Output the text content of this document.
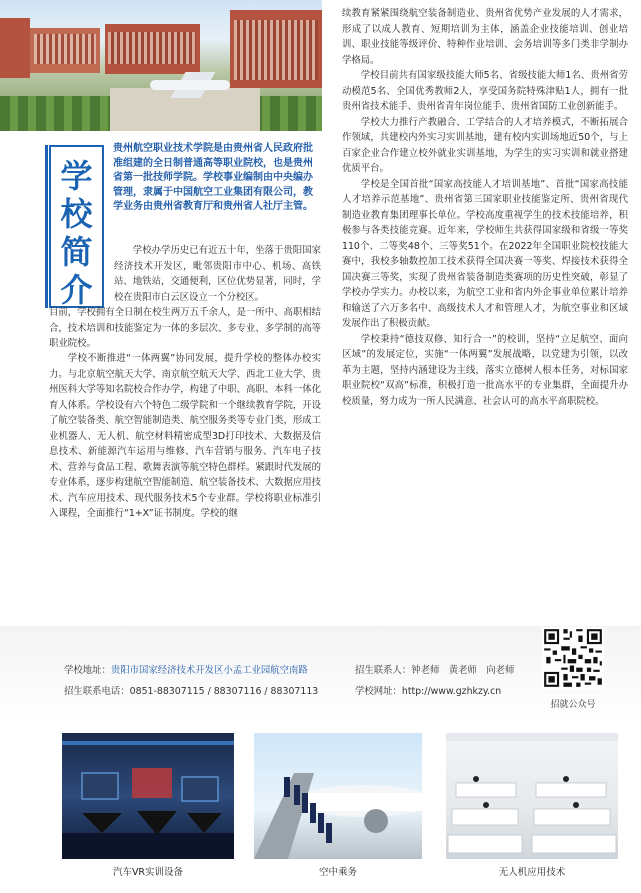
学
校
简
介
贵州航空职业技术学院是由贵州省人民政府批准组建的全日制普通高等职业院校，也是贵州省第一批技师学院。学校事业编制由中央编办管理，隶属于中国航空工业集团有限公司，教学业务由贵州省教育厅和贵州省人社厅主管。

学校办学历史已有近五十年，坐落于贵阳国家经济技术开发区，毗邻贵阳市中心、机场、高铁站、地铁站，交通便利，区位优势显著，同时，学校在贵阳市白云区设立一个分校区。

目前，学校拥有全日制在校生两万五千余人，是一所中、高职相结合，技术培训和技能鉴定为一体的多层次、多专业、多学制的高等职业院校。

学校不断推进“一体两翼”协同发展，提升学校的整体办校实力。与北京航空航天大学、南京航空航天大学、西北工业大学、贵州医科大学等知名院校合作办学，构建了中职、高职、本科一体化育人体系。学校设有六个特色二级学院和一个继续教育学院，开设了航空装备类、航空智能制造类、航空服务类等专业门类，形成工业机器人、无人机、航空材料精密成型3D打印技术、大数据及信息技术、新能源汽车运用与维修、汽车营销与服务、汽车电子技术、营养与食品工程、歌舞表演等航空特色群样。紧跟时代发展的专业体系，逐步构建航空智能制造、航空装备技术、大数据应用技术、汽车应用技术、现代服务技术5个专业群。学校将职业标准引入课程，全面推行“1+X”证书制度。学校的继

续教育紧紧围绕航空装备制造业、贵州省优势产业发展的人才需求，形成了以成人教育、短期培训为主体，涵盖企业技能培训、创业培训、职业技能等级评价、特种作业培训、会务培训等多门类非学制办学格局。

学校目前共有国家级技能大师5名、省级技能大师1名、贵州省劳动模范5名、全国优秀教师2人，享受国务院特殊津贴1人，拥有一批贵州省技术能手、贵州省青年岗位能手、贵州省国防工业创新能手。

学校大力推行产教融合、工学结合的人才培养模式，不断拓展合作领域，共建校内外实习实训基地，建有校内实训场地近50个，与上百家企业合作建立校外就业实训基地，为学生的实习实训和就业搭建优质平台。

学校是全国首批“国家高技能人才培训基地”、首批“国家高技能人才培养示范基地”、贵州省第三国家职业技能鉴定所、贵州省现代制造业教育集团理事长单位。学校高度重视学生的技术技能培养，积极参与各类技能竞赛。近年来，学校师生共获得国家级和省级一等奖110个、二等奖48个、三等奖51个。在2022年全国职业院校技能大赛中，我校多轴数控加工技术获得全国决赛一等奖、焊接技术获得全国决赛三等奖，实现了贵州省装备制造类赛项的历史性突破，彰显了学校办学实力。办校以来，为航空工业和省内外企事业单位累计培养和输送了六万多名中、高级技术人才和管理人才，为航空事业和区域发展作出了积极贡献。

学校秉持“德技双修、知行合一”的校训，坚持“立足航空、面向区域”的发展定位，实施“一体两翼”发展战略，以党建为引领，以改革为主题，坚持内涵建设为主线，落实立德树人根本任务，对标国家职业院校“双高”标准，积极打造一批高水平的专业集群，全面提升办校质量，努力成为一所人民满意、社会认可的高水平高职院校。

学校地址：贵阳市国家经济技术开发区小孟工业园航空南路	招生联系人：钟老师　黄老师　向老师
招生联系电话：0851-88307115 / 88307116 / 88307113	学校网址：http://www.gzhkzy.cn
招就公众号
汽车VR实训设备	空中乘务	无人机应用技术
